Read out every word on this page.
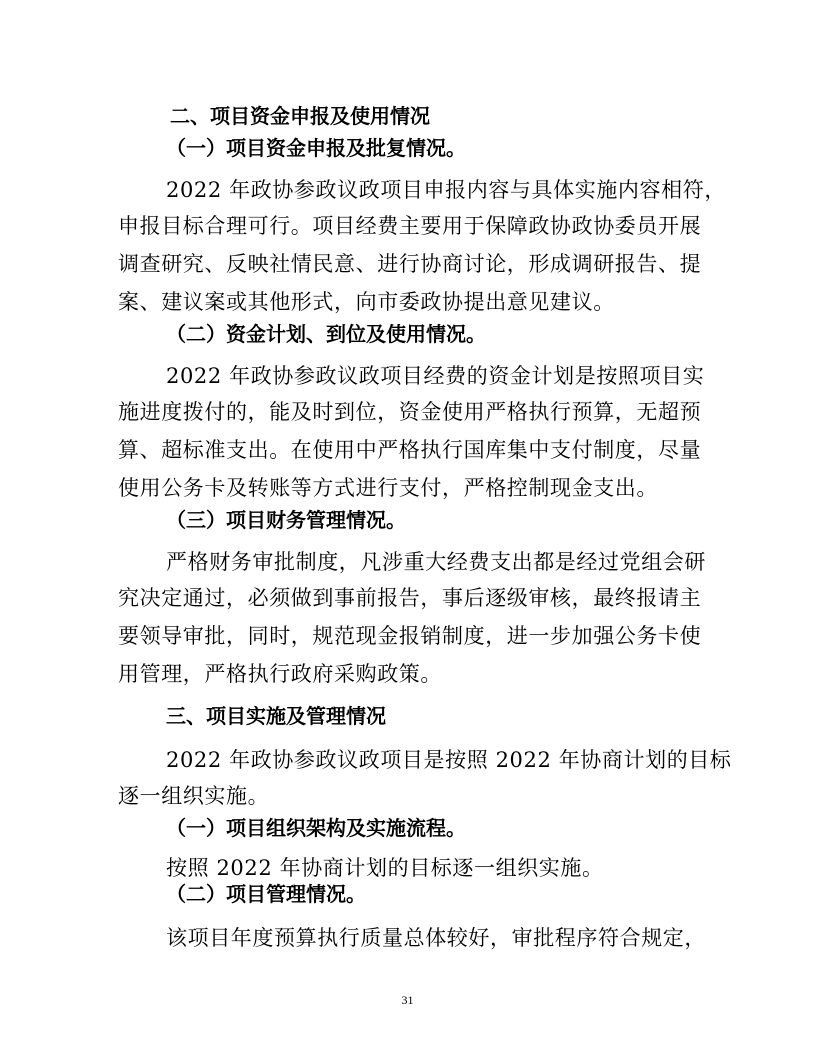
二、项目资金申报及使用情况
（一）项目资金申报及批复情况。
2022 年政协参政议政项目申报内容与具体实施内容相符，
申报目标合理可行。项目经费主要用于保障政协政协委员开展
调查研究、反映社情民意、进行协商讨论，形成调研报告、提
案、建议案或其他形式，向市委政协提出意见建议。
（二）资金计划、到位及使用情况。
2022 年政协参政议政项目经费的资金计划是按照项目实
施进度拨付的，能及时到位，资金使用严格执行预算，无超预
算、超标准支出。在使用中严格执行国库集中支付制度，尽量
使用公务卡及转账等方式进行支付，严格控制现金支出。
（三）项目财务管理情况。
严格财务审批制度，凡涉重大经费支出都是经过党组会研
究决定通过，必须做到事前报告，事后逐级审核，最终报请主
要领导审批，同时，规范现金报销制度，进一步加强公务卡使
用管理，严格执行政府采购政策。
三、项目实施及管理情况
2022 年政协参政议政项目是按照 2022 年协商计划的目标
逐一组织实施。
（一）项目组织架构及实施流程。
按照 2022 年协商计划的目标逐一组织实施。
（二）项目管理情况。
该项目年度预算执行质量总体较好，审批程序符合规定，
31
